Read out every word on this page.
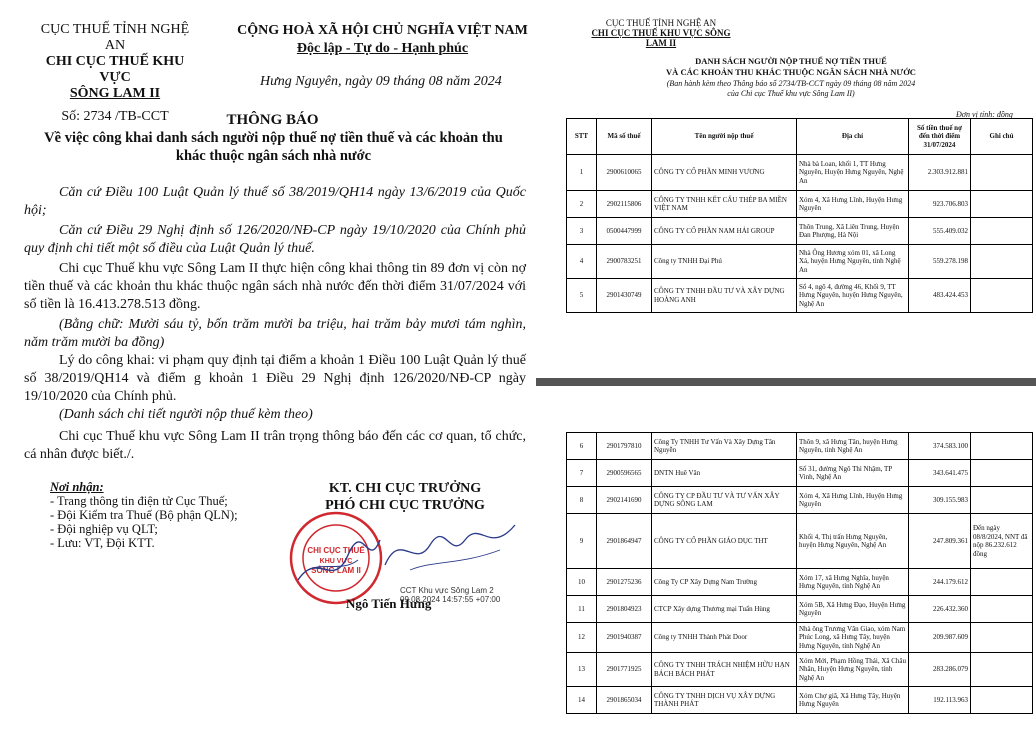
CỤC THUẾ TỈNH NGHỆ AN
CHI CỤC THUẾ KHU VỰC
SÔNG LAM II
Số: 2734 /TB-CCT
CỘNG HOÀ XÃ HỘI CHỦ NGHĨA VIỆT NAM
Độc lập - Tự do - Hạnh phúc
Hưng Nguyên, ngày 09 tháng 08 năm 2024
THÔNG BÁO
Về việc công khai danh sách người nộp thuế nợ tiền thuế và các khoản thu
khác thuộc ngân sách nhà nước
Căn cứ Điều 100 Luật Quản lý thuế số 38/2019/QH14 ngày 13/6/2019 của Quốc hội;
Căn cứ Điều 29 Nghị định số 126/2020/NĐ-CP ngày 19/10/2020 của Chính phủ quy định chi tiết một số điều của Luật Quản lý thuế.
Chi cục Thuế khu vực Sông Lam II thực hiện công khai thông tin 89 đơn vị còn nợ tiền thuế và các khoản thu khác thuộc ngân sách nhà nước đến thời điểm 31/07/2024 với số tiền là 16.413.278.513 đồng.
(Bằng chữ: Mười sáu tỷ, bốn trăm mười ba triệu, hai trăm bảy mươi tám nghìn, năm trăm mười ba đồng)
Lý do công khai: vi phạm quy định tại điểm a khoản 1 Điều 100 Luật Quản lý thuế số 38/2019/QH14 và điểm g khoản 1 Điều 29 Nghị định 126/2020/NĐ-CP ngày 19/10/2020 của Chính phủ.
(Danh sách chi tiết người nộp thuế kèm theo)
Chi cục Thuế khu vực Sông Lam II trân trọng thông báo đến các cơ quan, tổ chức, cá nhân được biết./.
Nơi nhận:
- Trang thông tin điện tử Cục Thuế;
- Đội Kiểm tra Thuế (Bộ phận QLN);
- Đội nghiệp vụ QLT;
- Lưu: VT, Đội KTT.
KT. CHI CỤC TRƯỞNG
PHÓ CHI CỤC TRƯỞNG
CHI CỤC THUẾ
KHU VỰC
SÔNG LAM II
CCT Khu vực Sông Lam 2
09.08.2024 14:57:55 +07:00
Ngô Tiến Hưng
CỤC THUẾ TỈNH NGHỆ AN
CHI CỤC THUẾ KHU VỰC SÔNG LAM II
DANH SÁCH NGƯỜI NỘP THUẾ NỢ TIỀN THUẾ
VÀ CÁC KHOẢN THU KHÁC THUỘC NGÂN SÁCH NHÀ NƯỚC
(Ban hành kèm theo Thông báo số 2734/TB-CCT ngày 09 tháng 08 năm 2024
của Chi cục Thuế khu vực Sông Lam II)
Đơn vị tính: đồng
STT	Mã số thuế	Tên người nộp thuế	Địa chỉ	Số tiền thuế nợ đến thời điểm 31/07/2024	Ghi chú
1	2900610065	CÔNG TY CỔ PHẦN MINH VƯƠNG	Nhà bà Loan, khối 1, TT Hưng Nguyên, Huyện Hưng Nguyên, Nghệ An	2.303.912.881	
2	2902115806	CÔNG TY TNHH KẾT CẤU THÉP BA MIỀN VIỆT NAM	Xóm 4, Xã Hưng Lĩnh, Huyện Hưng Nguyên	923.706.803	
3	0500447999	CÔNG TY CỔ PHẦN NAM HẢI GROUP	Thôn Trung, Xã Liên Trung, Huyện Đan Phượng, Hà Nội	555.409.032	
4	2900783251	Công ty TNHH Đại Phú	Nhà Ông Hương xóm 01, xã Long Xá, huyện Hưng Nguyên, tỉnh Nghệ An	559.278.198	
5	2901430749	CÔNG TY TNHH ĐẦU TƯ VÀ XÂY DỰNG HOÀNG ANH	Số 4, ngõ 4, đường 46, Khối 9, TT Hưng Nguyên, huyện Hưng Nguyên, Nghệ An	483.424.453	
6	2901797810	Công Ty TNHH Tư Vấn Và Xây Dựng Tân Nguyễn	Thôn 9, xã Hưng Tân, huyện Hưng Nguyên, tỉnh Nghệ An	374.583.100	
7	2900596565	DNTN Huê Vân	Số 31, đường Ngô Thì Nhậm, TP Vinh, Nghệ An	343.641.475	
8	2902141690	CÔNG TY CP ĐẦU TƯ VÀ TƯ VẤN XÂY DỰNG SÔNG LAM	Xóm 4, Xã Hưng Lĩnh, Huyện Hưng Nguyên	309.155.983	
9	2901864947	CÔNG TY CỔ PHẦN GIÁO DỤC THT	Khối 4, Thị trấn Hưng Nguyên, huyện Hưng Nguyên, Nghệ An	247.809.361	Đến ngày 08/8/2024, NNT đã nộp 86.232.612 đồng
10	2901275236	Công Ty CP Xây Dựng Nam Trường	Xóm 17, xã Hưng Nghĩa, huyện Hưng Nguyên, tỉnh Nghệ An	244.179.612	
11	2901804923	CTCP Xây dựng Thương mại Tuấn Hùng	Xóm 5B, Xã Hưng Đạo, Huyện Hưng Nguyên	226.432.360	
12	2901940387	Công ty TNHH Thành Phát Door	Nhà ông Trương Văn Giao, xóm Nam Phúc Long, xã Hưng Tây, huyện Hưng Nguyên, tỉnh Nghệ An	209.987.609	
13	2901771925	CÔNG TY TNHH TRÁCH NHIỆM HỮU HẠN BÁCH BÁCH PHÁT	Xóm Mới, Phạm Hồng Thái, Xã Châu Nhân, Huyện Hưng Nguyên, tỉnh Nghệ An	283.286.079	
14	2901865034	CÔNG TY TNHH DỊCH VỤ XÂY DỰNG THÀNH PHÁT	Xóm Chợ giã, Xã Hưng Tây, Huyện Hưng Nguyên	192.113.963	
